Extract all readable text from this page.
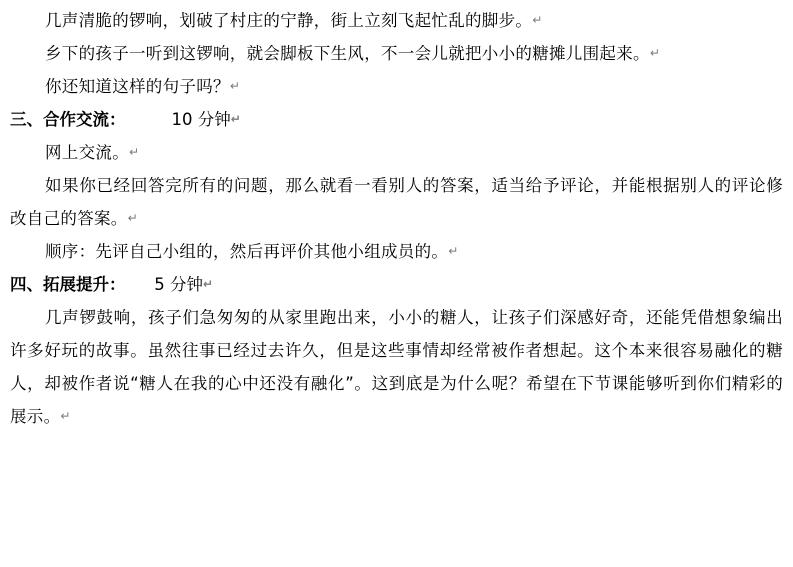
几声清脆的锣响，划破了村庄的宁静，街上立刻飞起忙乱的脚步。↵

乡下的孩子一听到这锣响，就会脚板下生风，不一会儿就把小小的糖摊儿围起来。↵

你还知道这样的句子吗？↵

三、合作交流：	10 分钟↵

网上交流。↵

如果你已经回答完所有的问题，那么就看一看别人的答案，适当给予评论，并能根据别人的评论修改自己的答案。↵

顺序：先评自己小组的，然后再评价其他小组成员的。↵

四、拓展提升： 5 分钟↵

几声锣鼓响，孩子们急匆匆的从家里跑出来，小小的糖人，让孩子们深感好奇，还能凭借想象编出许多好玩的故事。虽然往事已经过去许久，但是这些事情却经常被作者想起。这个本来很容易融化的糖人，却被作者说“糖人在我的心中还没有融化”。这到底是为什么呢？希望在下节课能够听到你们精彩的展示。↵
